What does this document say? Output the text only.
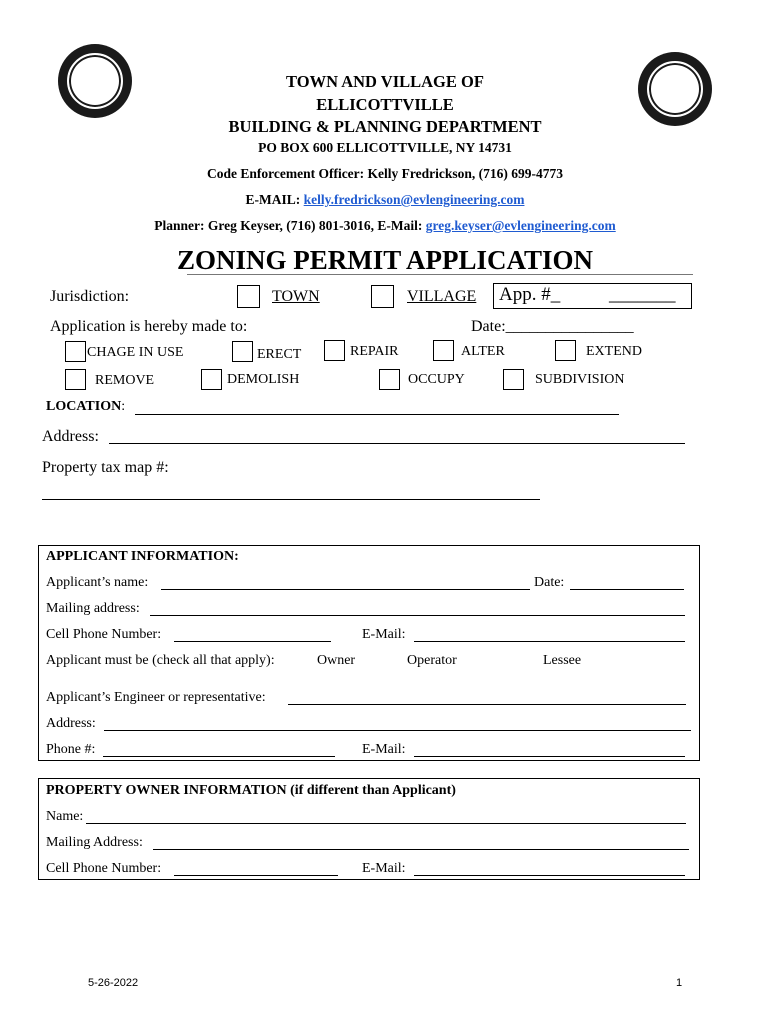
TOWN AND VILLAGE OF
ELLICOTTVILLE
BUILDING & PLANNING DEPARTMENT
PO BOX 600 ELLICOTTVILLE, NY 14731
Code Enforcement Officer: Kelly Fredrickson, (716) 699-4773
E-MAIL: kelly.fredrickson@evlengineering.com
Planner: Greg Keyser, (716) 801-3016, E-Mail: greg.keyser@evlengineering.com
ZONING PERMIT APPLICATION
Jurisdiction:	TOWN	VILLAGE App. #_	_______
Application is hereby made to:	Date:________________
CHAGE IN USE	ERECT	REPAIR	ALTER	EXTEND
REMOVE	DEMOLISH	OCCUPY	SUBDIVISION
LOCATION:
Address:
Property tax map #:
APPLICANT INFORMATION:
Applicant’s name:	Date:
Mailing address:
Cell Phone Number:	E-Mail:
Applicant must be (check all that apply):	Owner	Operator	Lessee
Applicant’s Engineer or representative:
Address:
Phone #:	E-Mail:
PROPERTY OWNER INFORMATION (if different than Applicant)
Name:
Mailing Address:
Cell Phone Number:	E-Mail:
5-26-2022	1
